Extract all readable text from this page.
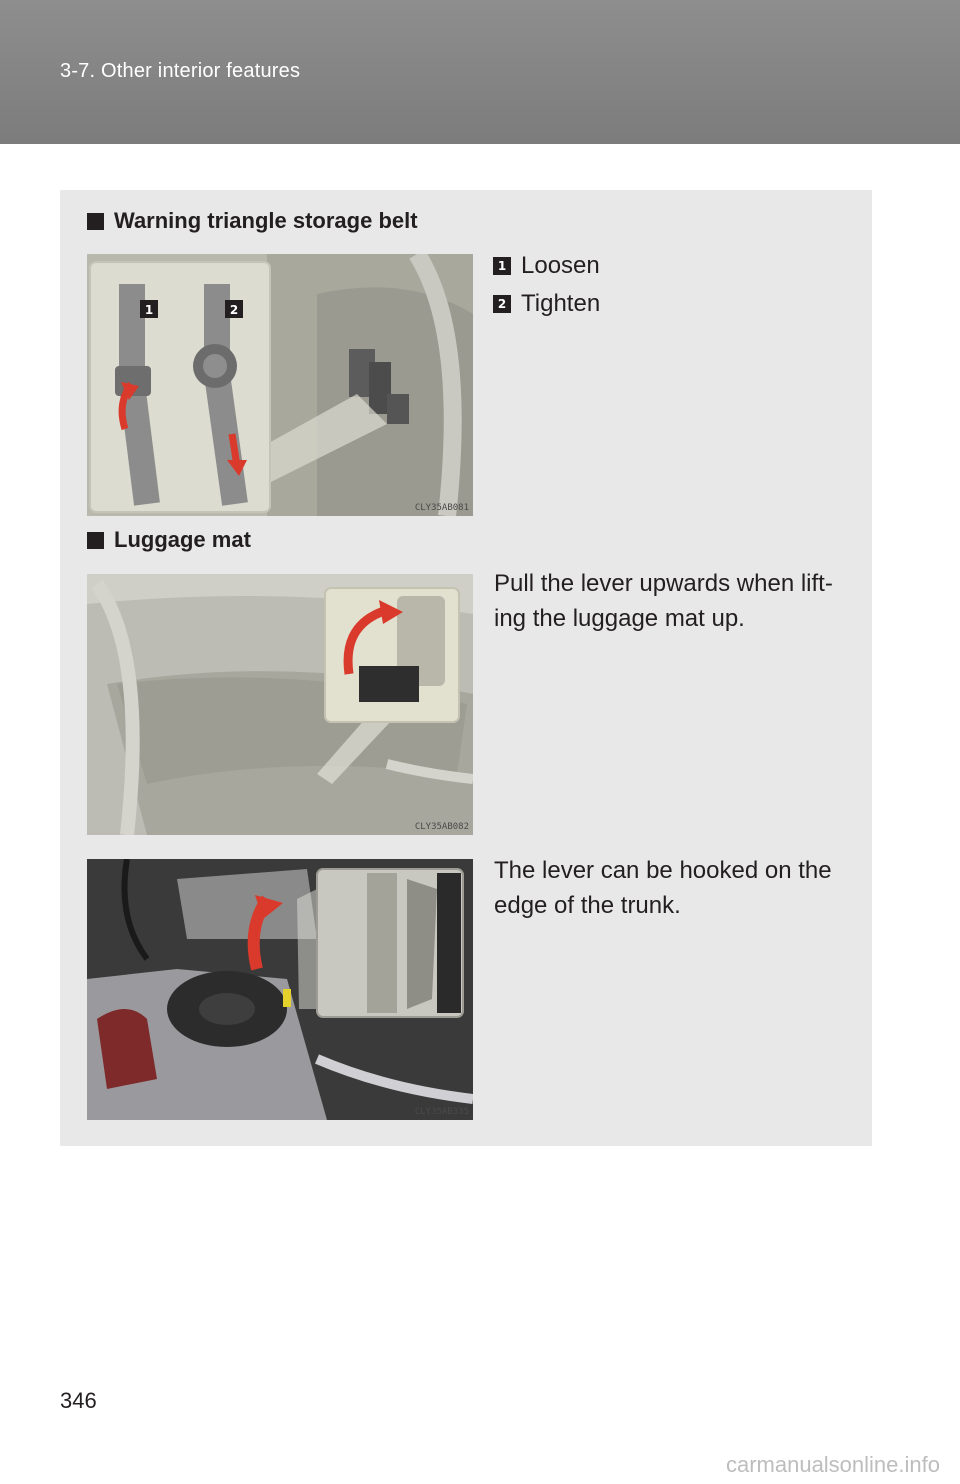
3-7. Other interior features
Warning triangle storage belt
1	2
CLY35AB081
1 Loosen
2 Tighten
Luggage mat
CLY35AB082
Pull the lever upwards when lift-ing the luggage mat up.
CLY35AB335
The lever can be hooked on the edge of the trunk.
346
carmanualsonline.info
